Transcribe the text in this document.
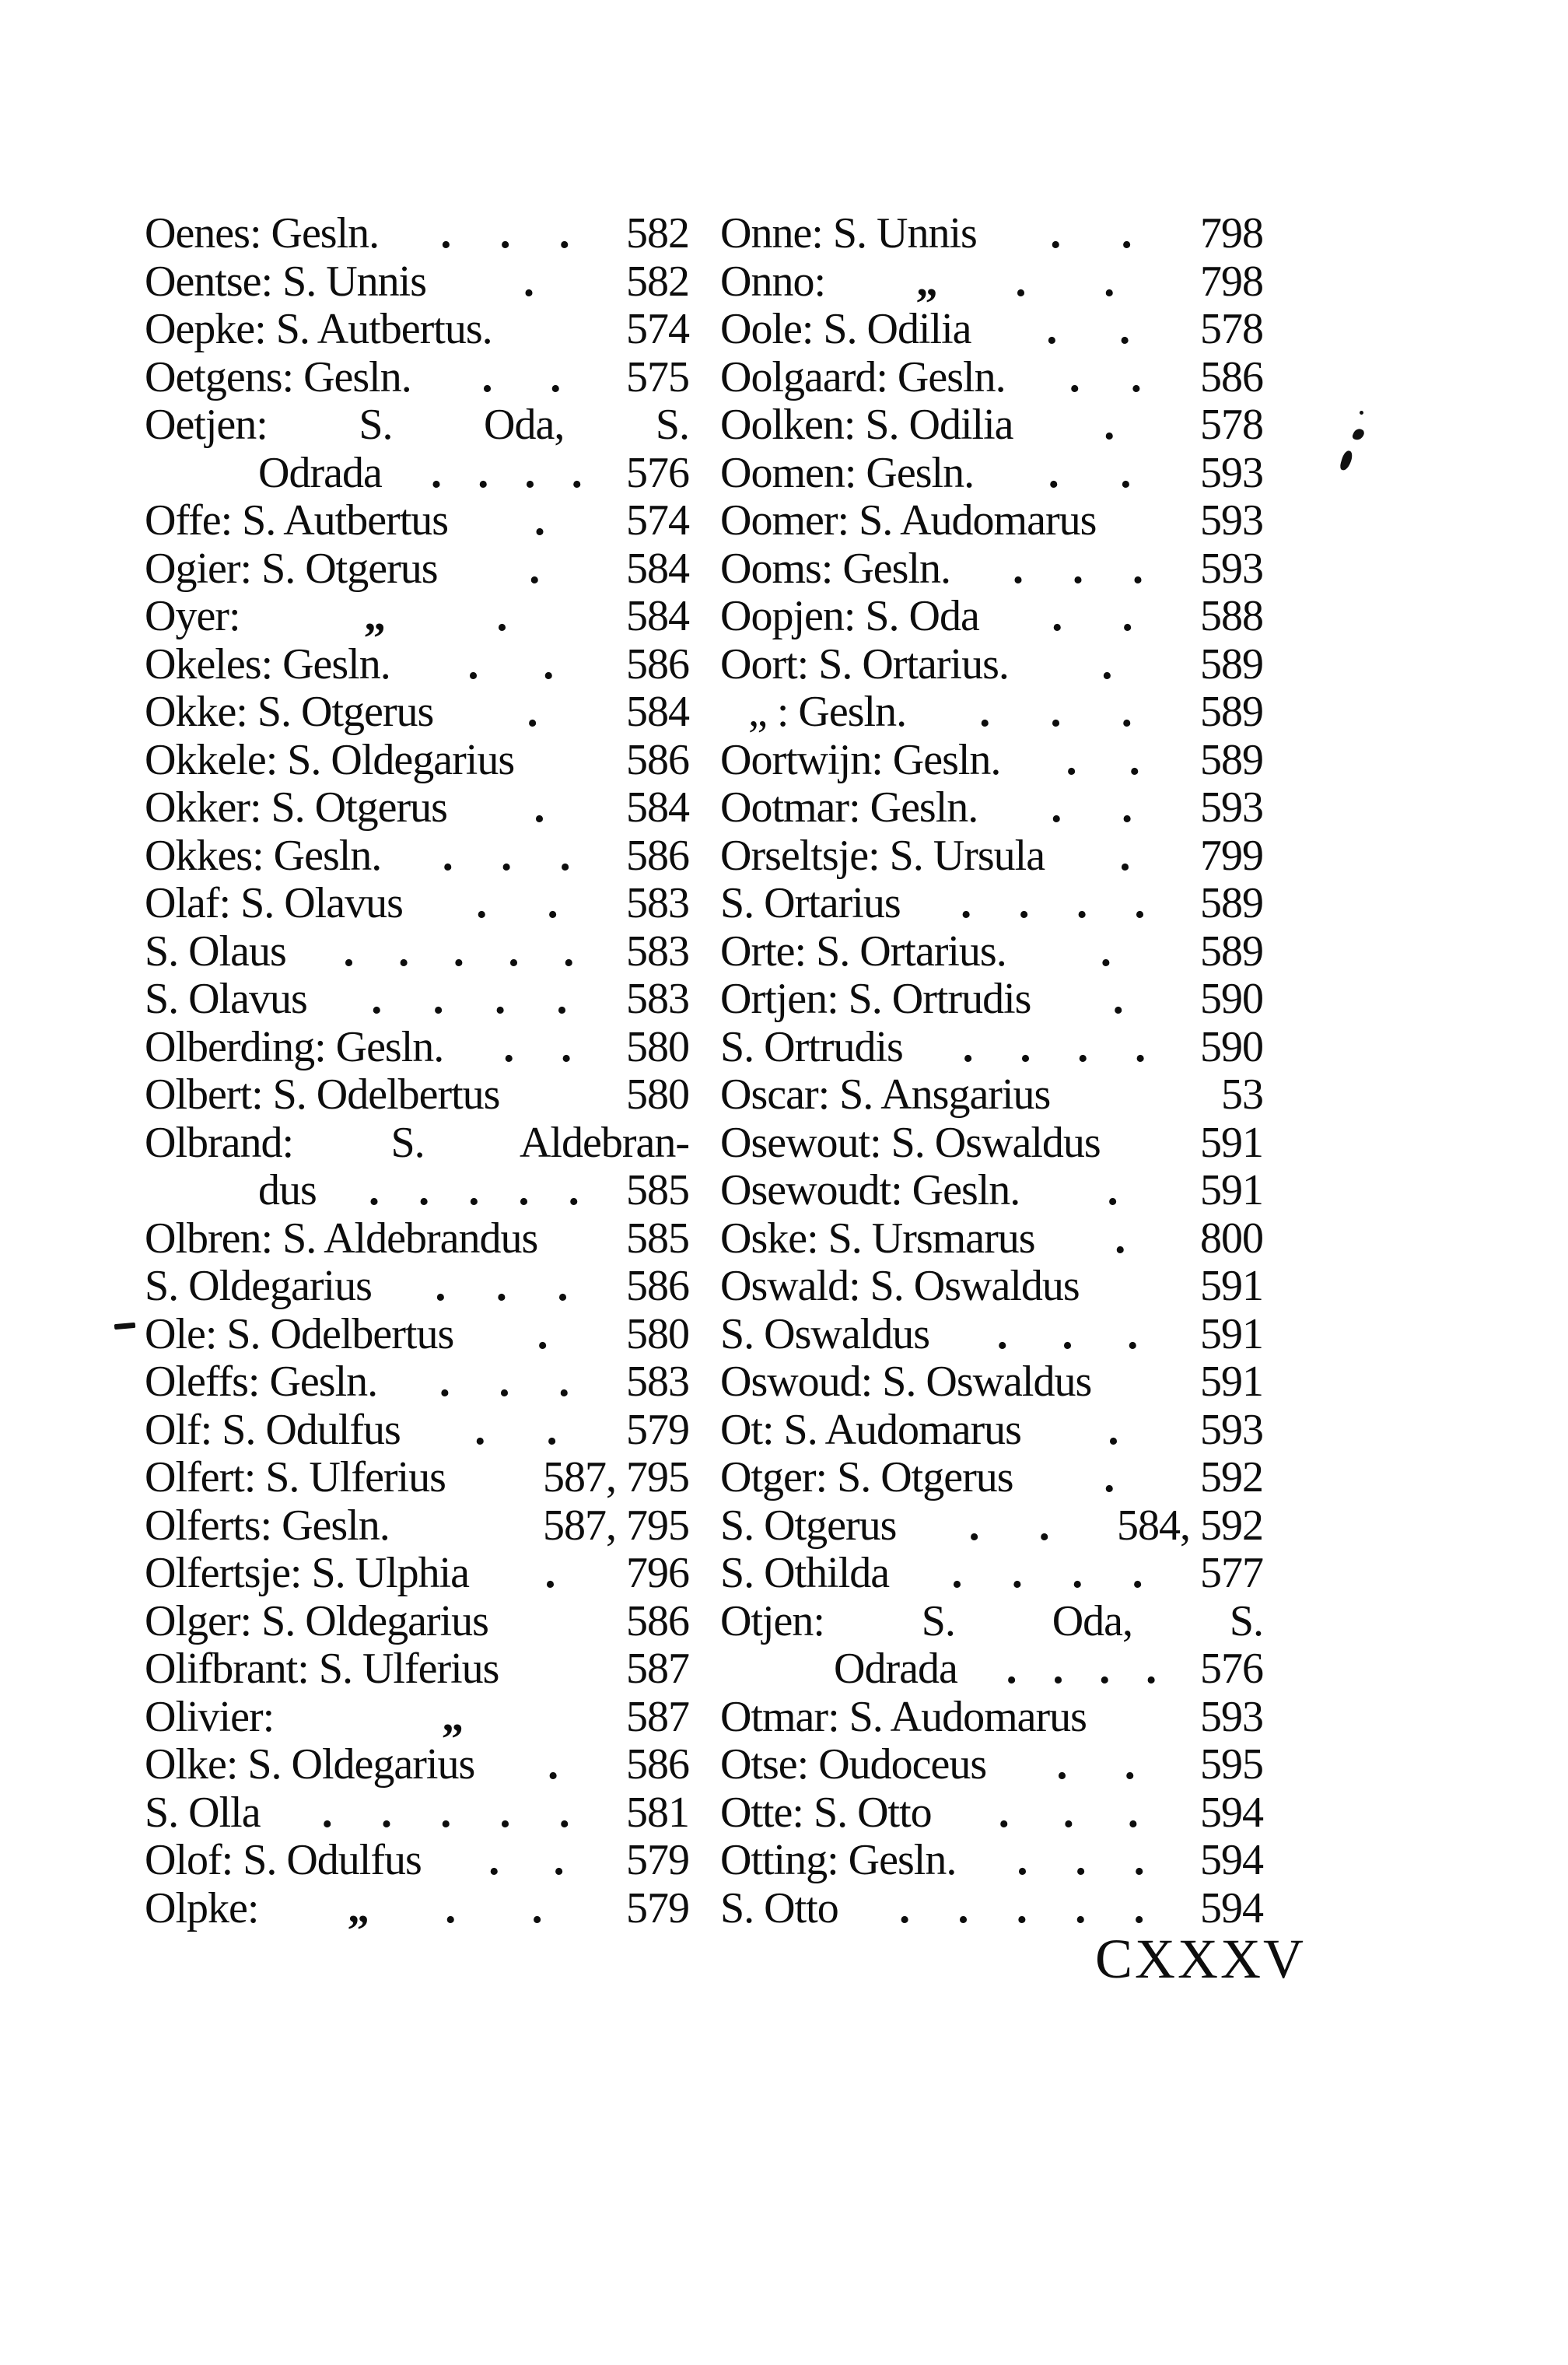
Oenes: Gesln. . . . 582
Oentse: S. Unnis . 582
Oepke: S. Autbertus.	574
Oetgens: Gesln. . . 575
Oetjen: S. Oda, S.
Odrada . . . . 576
Offe: S. Autbertus . 574
Ogier: S. Otgerus . 584
Oyer:	„	.	584
Okeles: Gesln. . . 586
Okke: S. Otgerus . 584
Okkele: S. Oldegarius	586
Okker: S. Otgerus . 584
Okkes: Gesln. . . . 586
Olaf: S. Olavus . . 583
S. Olaus . . . . . 583
S. Olavus . . . . 583
Olberding: Gesln. . . 580
Olbert: S. Odelbertus	580
Olbrand: S. Aldebran-
dus . . . . . 585
Olbren: S. Aldebrandus 585
S. Oldegarius . . . 586
Ole: S. Odelbertus . 580
Oleffs: Gesln. . . . 583
Olf: S. Odulfus . . 579
Olfert: S. Ulferius 587, 795
Olferts: Gesln.	587, 795
Olfertsje: S. Ulphia . 796
Olger: S. Oldegarius	586
Olifbrant: S. Ulferius	587
Olivier:	„	587
Olke: S. Oldegarius . 586
S. Olla . . . . . 581
Olof: S. Odulfus . . 579
Olpke: „ . . 579
Onne: S. Unnis . . 798
Onno: „ . . 798
Oole: S. Odilia . . 578
Oolgaard: Gesln. . . 586
Oolken: S. Odilia . 578
Oomen: Gesln. . . 593
Oomer: S. Audomarus 593
Ooms: Gesln. . . . 593
Oopjen: S. Oda . . 588
Oort: S. Ortarius. . 589
„ : Gesln. . . . 589
Oortwijn: Gesln. . . 589
Ootmar: Gesln. . . 593
Orseltsje: S. Ursula . 799
S. Ortarius . . . . 589
Orte: S. Ortarius. . 589
Ortjen: S. Ortrudis . 590
S. Ortrudis . . . . 590
Oscar: S. Ansgarius	53
Osewout: S. Oswaldus 591
Osewoudt: Gesln. . 591
Oske: S. Ursmarus . 800
Oswald: S. Oswaldus	591
S. Oswaldus . . . 591
Oswoud: S. Oswaldus 591
Ot: S. Audomarus . 593
Otger: S. Otgerus . 592
S. Otgerus . . 584, 592
S. Othilda . . . . 577
Otjen: S. Oda, S.
Odrada . . . . 576
Otmar: S. Audomarus	593
Otse: Oudoceus . . 595
Otte: S. Otto . . . 594
Otting: Gesln. . . . 594
S. Otto . . . . . 594
CXXXV
